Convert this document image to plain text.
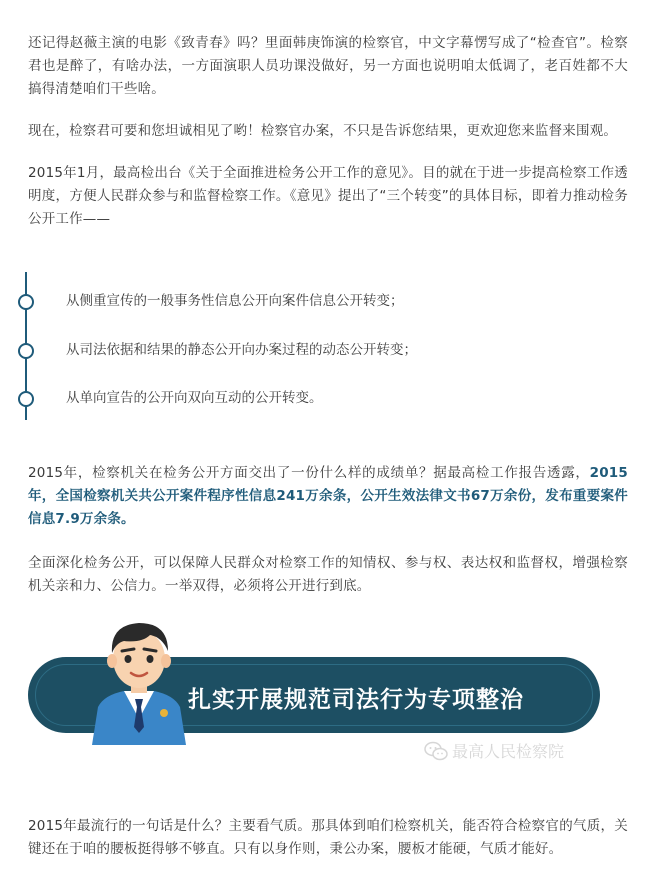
还记得赵薇主演的电影《致青春》吗？里面韩庚饰演的检察官，中文字幕愣写成了“检查官”。检察君也是醉了，有啥办法，一方面演职人员功课没做好，另一方面也说明咱太低调了，老百姓都不大搞得清楚咱们干些啥。

现在，检察君可要和您坦诚相见了哟！检察官办案，不只是告诉您结果，更欢迎您来监督来围观。

2015年1月，最高检出台《关于全面推进检务公开工作的意见》。目的就在于进一步提高检察工作透明度，方便人民群众参与和监督检察工作。《意见》提出了“三个转变”的具体目标，即着力推动检务公开工作——

2015年，检察机关在检务公开方面交出了一份什么样的成绩单？据最高检工作报告透露，2015年，全国检察机关共公开案件程序性信息241万余条，公开生效法律文书67万余份，发布重要案件信息7.9万余条。

全面深化检务公开，可以保障人民群众对检察工作的知情权、参与权、表达权和监督权，增强检察机关亲和力、公信力。一举双得，必须将公开进行到底。

2015年最流行的一句话是什么？主要看气质。那具体到咱们检察机关，能否符合检察官的气质，关键还在于咱的腰板挺得够不够直。只有以身作则，秉公办案，腰板才能硬，气质才能好。

从侧重宣传的一般事务性信息公开向案件信息公开转变；
从司法依据和结果的静态公开向办案过程的动态公开转变；
从单向宣告的公开向双向互动的公开转变。
扎实开展规范司法行为专项整治
最高人民检察院
